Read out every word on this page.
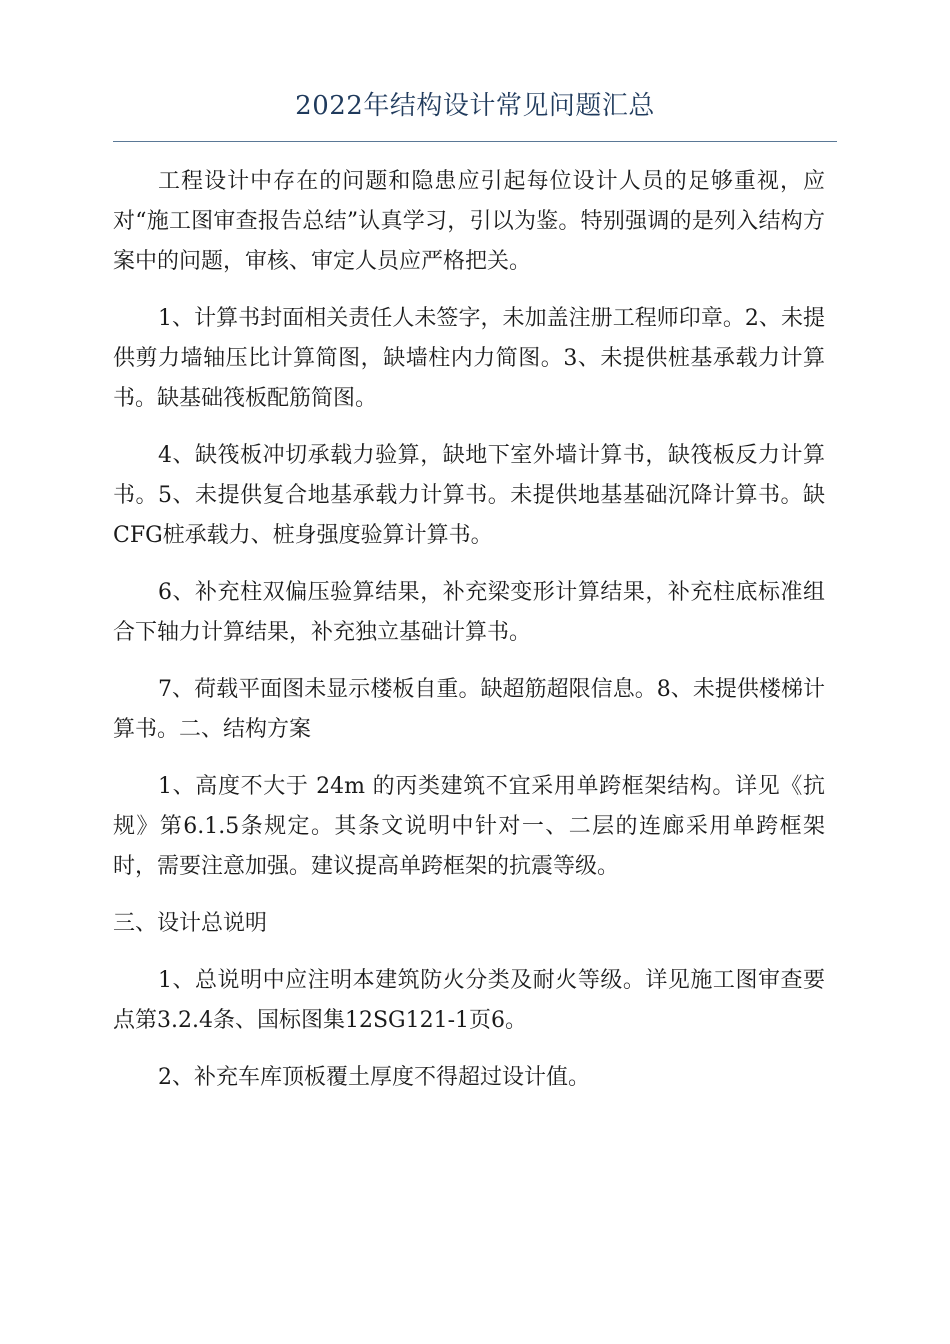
2022年结构设计常见问题汇总

工程设计中存在的问题和隐患应引起每位设计人员的足够重视，应对“施工图审查报告总结”认真学习，引以为鉴。特别强调的是列入结构方案中的问题，审核、审定人员应严格把关。

1、计算书封面相关责任人未签字，未加盖注册工程师印章。2、未提供剪力墙轴压比计算简图，缺墙柱内力简图。3、未提供桩基承载力计算书。缺基础筏板配筋简图。

4、缺筏板冲切承载力验算，缺地下室外墙计算书，缺筏板反力计算书。5、未提供复合地基承载力计算书。未提供地基基础沉降计算书。缺CFG桩承载力、桩身强度验算计算书。

6、补充柱双偏压验算结果，补充梁变形计算结果，补充柱底标准组合下轴力计算结果，补充独立基础计算书。

7、荷载平面图未显示楼板自重。缺超筋超限信息。8、未提供楼梯计算书。二、结构方案

1、高度不大于 24m 的丙类建筑不宜采用单跨框架结构。详见《抗规》第6.1.5条规定。其条文说明中针对一、二层的连廊采用单跨框架时，需要注意加强。建议提高单跨框架的抗震等级。

三、设计总说明

1、总说明中应注明本建筑防火分类及耐火等级。详见施工图审查要点第3.2.4条、国标图集12SG121-1页6。

2、补充车库顶板覆土厚度不得超过设计值。
